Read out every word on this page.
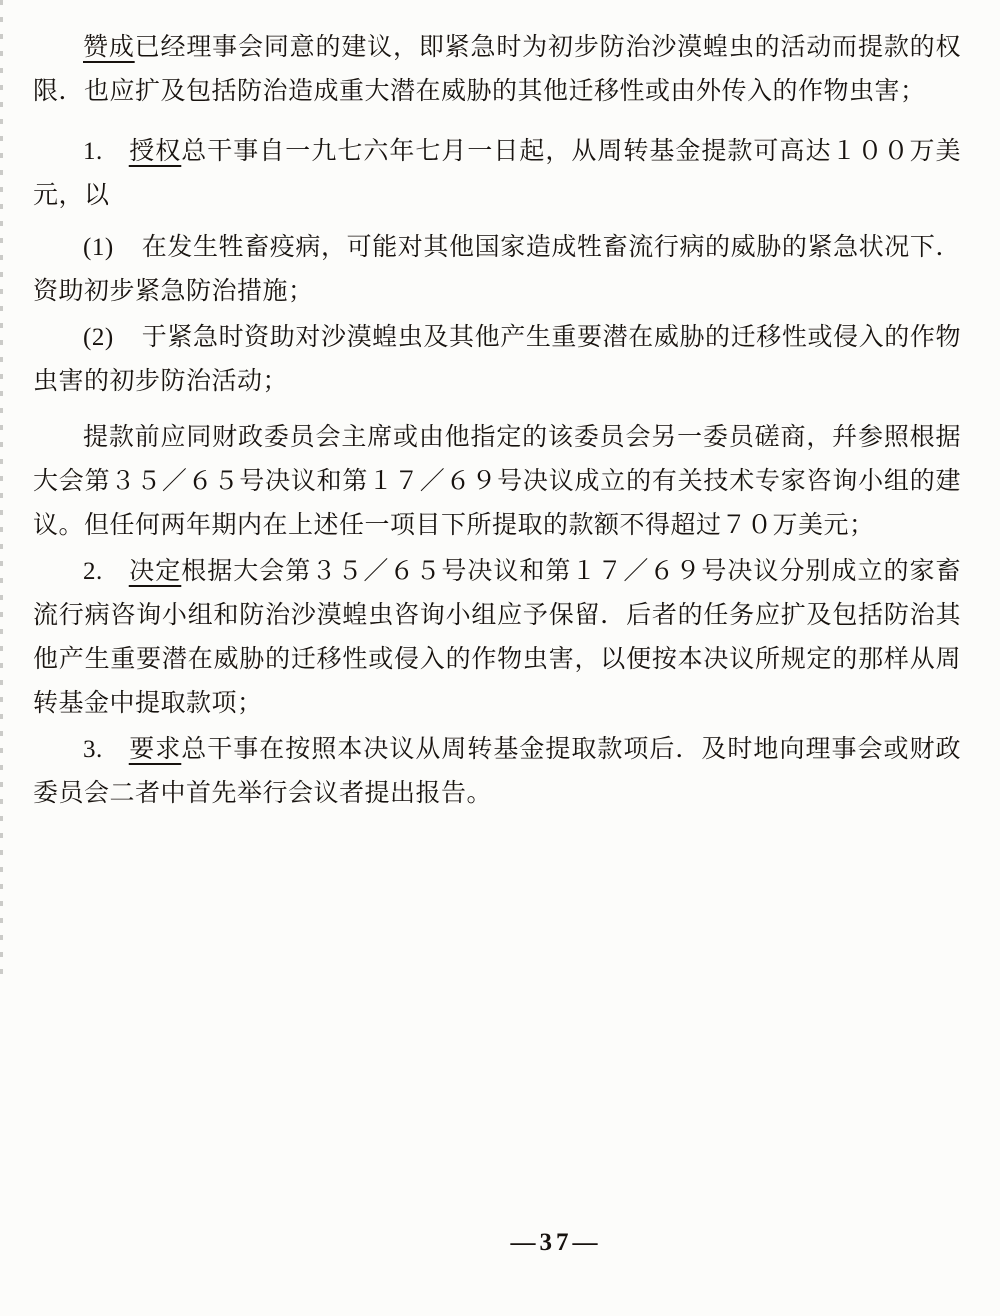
赞成已经理事会同意的建议，即紧急时为初步防治沙漠蝗虫的活动而提款的权限．也应扩及包括防治造成重大潜在威胁的其他迁移性或由外传入的作物虫害；

1. 授权总干事自一九七六年七月一日起，从周转基金提款可高达１００万美元，以

(1) 在发生牲畜疫病，可能对其他国家造成牲畜流行病的威胁的紧急状况下．资助初步紧急防治措施；

(2) 于紧急时资助对沙漠蝗虫及其他产生重要潜在威胁的迁移性或侵入的作物虫害的初步防治活动；

提款前应同财政委员会主席或由他指定的该委员会另一委员磋商，幷参照根据大会第３５／６５号决议和第１７／６９号决议成立的有关技术专家咨询小组的建议。但任何两年期内在上述任一项目下所提取的款额不得超过７０万美元；

2. 决定根据大会第３５／６５号决议和第１７／６９号决议分别成立的家畜流行病咨询小组和防治沙漠蝗虫咨询小组应予保留．后者的任务应扩及包括防治其他产生重要潜在威胁的迁移性或侵入的作物虫害，以便按本决议所规定的那样从周转基金中提取款项；

3. 要求总干事在按照本决议从周转基金提取款项后．及时地向理事会或财政委员会二者中首先举行会议者提出报告。

—37—
